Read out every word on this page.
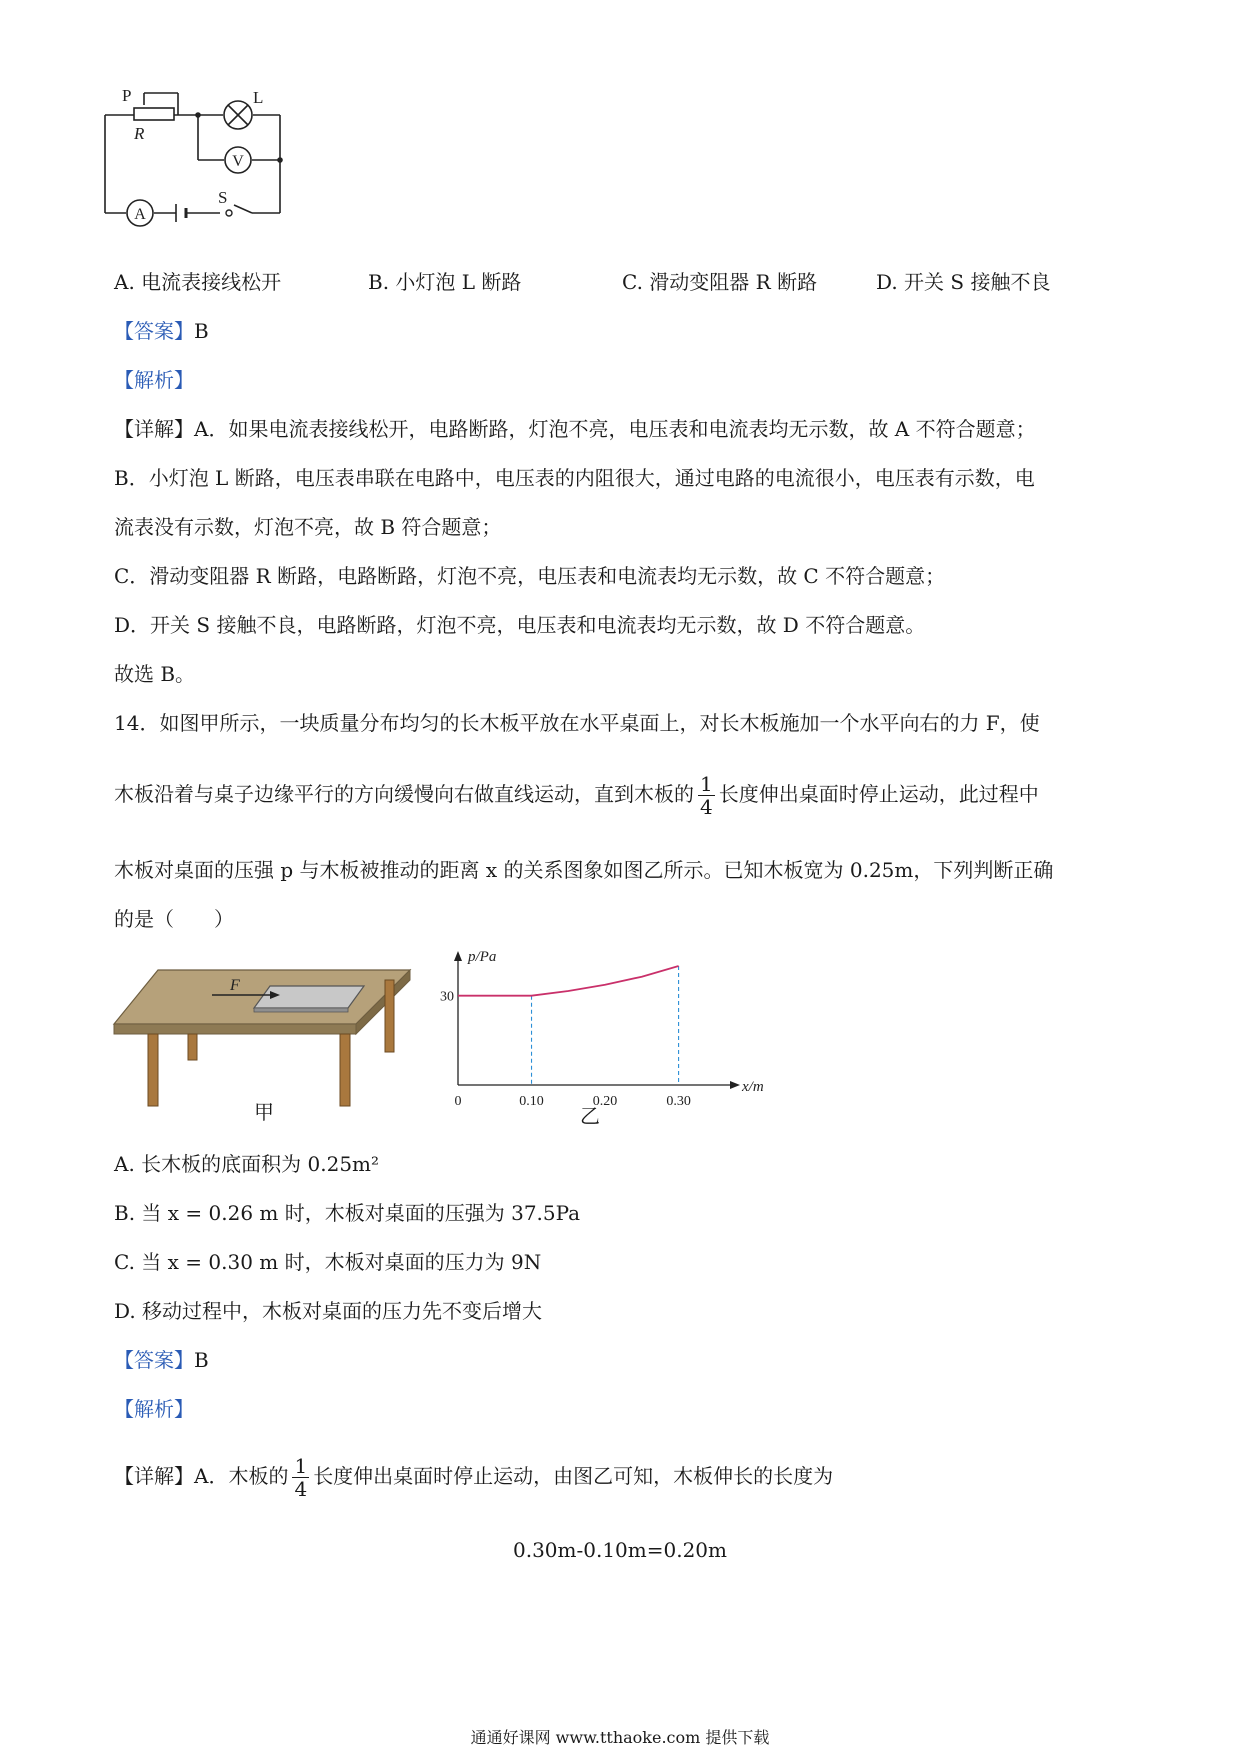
V
A
P
R
L
S
A. 电流表接线松开	B. 小灯泡 L 断路	C. 滑动变阻器 R 断路	D. 开关 S 接触不良
【答案】B
【解析】
【详解】A．如果电流表接线松开，电路断路，灯泡不亮，电压表和电流表均无示数，故 A 不符合题意；
B．小灯泡 L 断路，电压表串联在电路中，电压表的内阻很大，通过电路的电流很小，电压表有示数，电
流表没有示数，灯泡不亮，故 B 符合题意；
C．滑动变阻器 R 断路，电路断路，灯泡不亮，电压表和电流表均无示数，故 C 不符合题意；
D．开关 S 接触不良，电路断路，灯泡不亮，电压表和电流表均无示数，故 D 不符合题意。
故选 B。
14．如图甲所示，一块质量分布均匀的长木板平放在水平桌面上，对长木板施加一个水平向右的力 F，使
木板沿着与桌子边缘平行的方向缓慢向右做直线运动，直到木板的 $\frac{1}{4}$ 长度伸出桌面时停止运动，此过程中
木板对桌面的压强 p 与木板被推动的距离 x 的关系图象如图乙所示。已知木板宽为 0.25m，下列判断正确
的是（　　）
F
甲
p/Pa
x/m
0	0.10	0.20	0.30
30
乙
A. 长木板的底面积为 0.25m²
B. 当 x = 0.26 m 时，木板对桌面的压强为 37.5Pa
C. 当 x = 0.30 m 时，木板对桌面的压力为 9N
D. 移动过程中，木板对桌面的压力先不变后增大
【答案】B
【解析】
【详解】A．木板的 $\frac{1}{4}$ 长度伸出桌面时停止运动，由图乙可知，木板伸长的长度为
0.30m-0.10m=0.20m
通通好课网 www.tthaoke.com 提供下载
